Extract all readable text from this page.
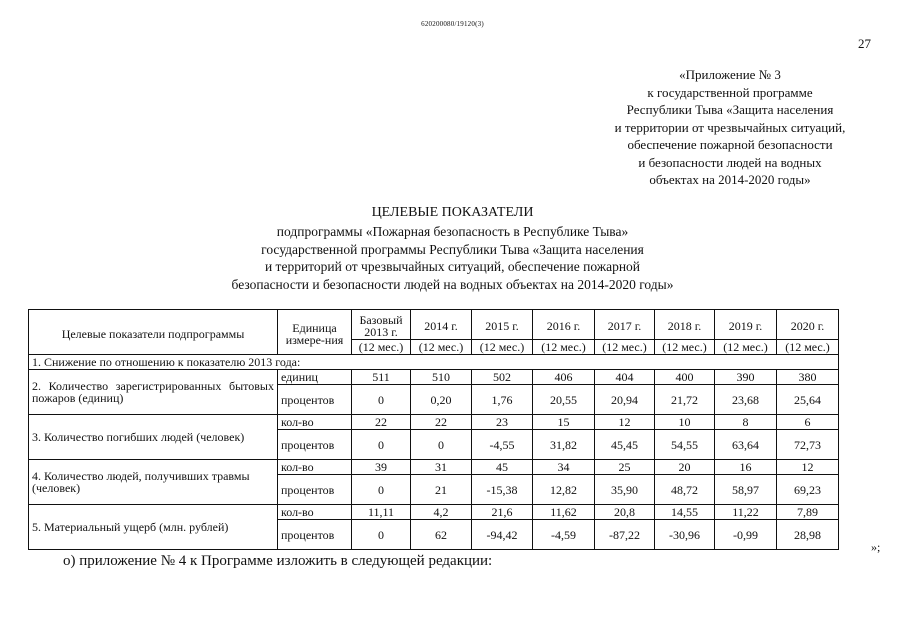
620200080/19120(3)
27
«Приложение № 3
к государственной программе
Республики Тыва «Защита населения
и территории от чрезвычайных ситуаций,
обеспечение пожарной безопасности
и безопасности людей на водных
объектах на 2014-2020 годы»
ЦЕЛЕВЫЕ ПОКАЗАТЕЛИ
подпрограммы «Пожарная безопасность в Республике Тыва»
государственной программы Республики Тыва «Защита населения
и территорий от чрезвычайных ситуаций, обеспечение пожарной
безопасности и безопасности людей на водных объектах на 2014-2020 годы»
Целевые показатели подпрограммы	Единица измере-ния	Базовый 2013 г.	2014 г.	2015 г.	2016 г.	2017 г.	2018 г.	2019 г.	2020 г.
		(12 мес.)	(12 мес.)	(12 мес.)	(12 мес.)	(12 мес.)	(12 мес.)	(12 мес.)	(12 мес.)
1. Снижение по отношению к показателю 2013 года:									
2. Количество зарегистрированных бытовых пожаров (единиц)	единиц	511	510	502	406	404	400	390	380
	процентов	0	0,20	1,76	20,55	20,94	21,72	23,68	25,64
3. Количество погибших людей (человек)	кол-во	22	22	23	15	12	10	8	6
	процентов	0	0	-4,55	31,82	45,45	54,55	63,64	72,73
4. Количество людей, получивших травмы (человек)	кол-во	39	31	45	34	25	20	16	12
	процентов	0	21	-15,38	12,82	35,90	48,72	58,97	69,23
5. Материальный ущерб (млн. рублей)	кол-во	11,11	4,2	21,6	11,62	20,8	14,55	11,22	7,89
	процентов	0	62	-94,42	-4,59	-87,22	-30,96	-0,99	28,98
»;
о) приложение № 4 к Программе изложить в следующей редакции:
